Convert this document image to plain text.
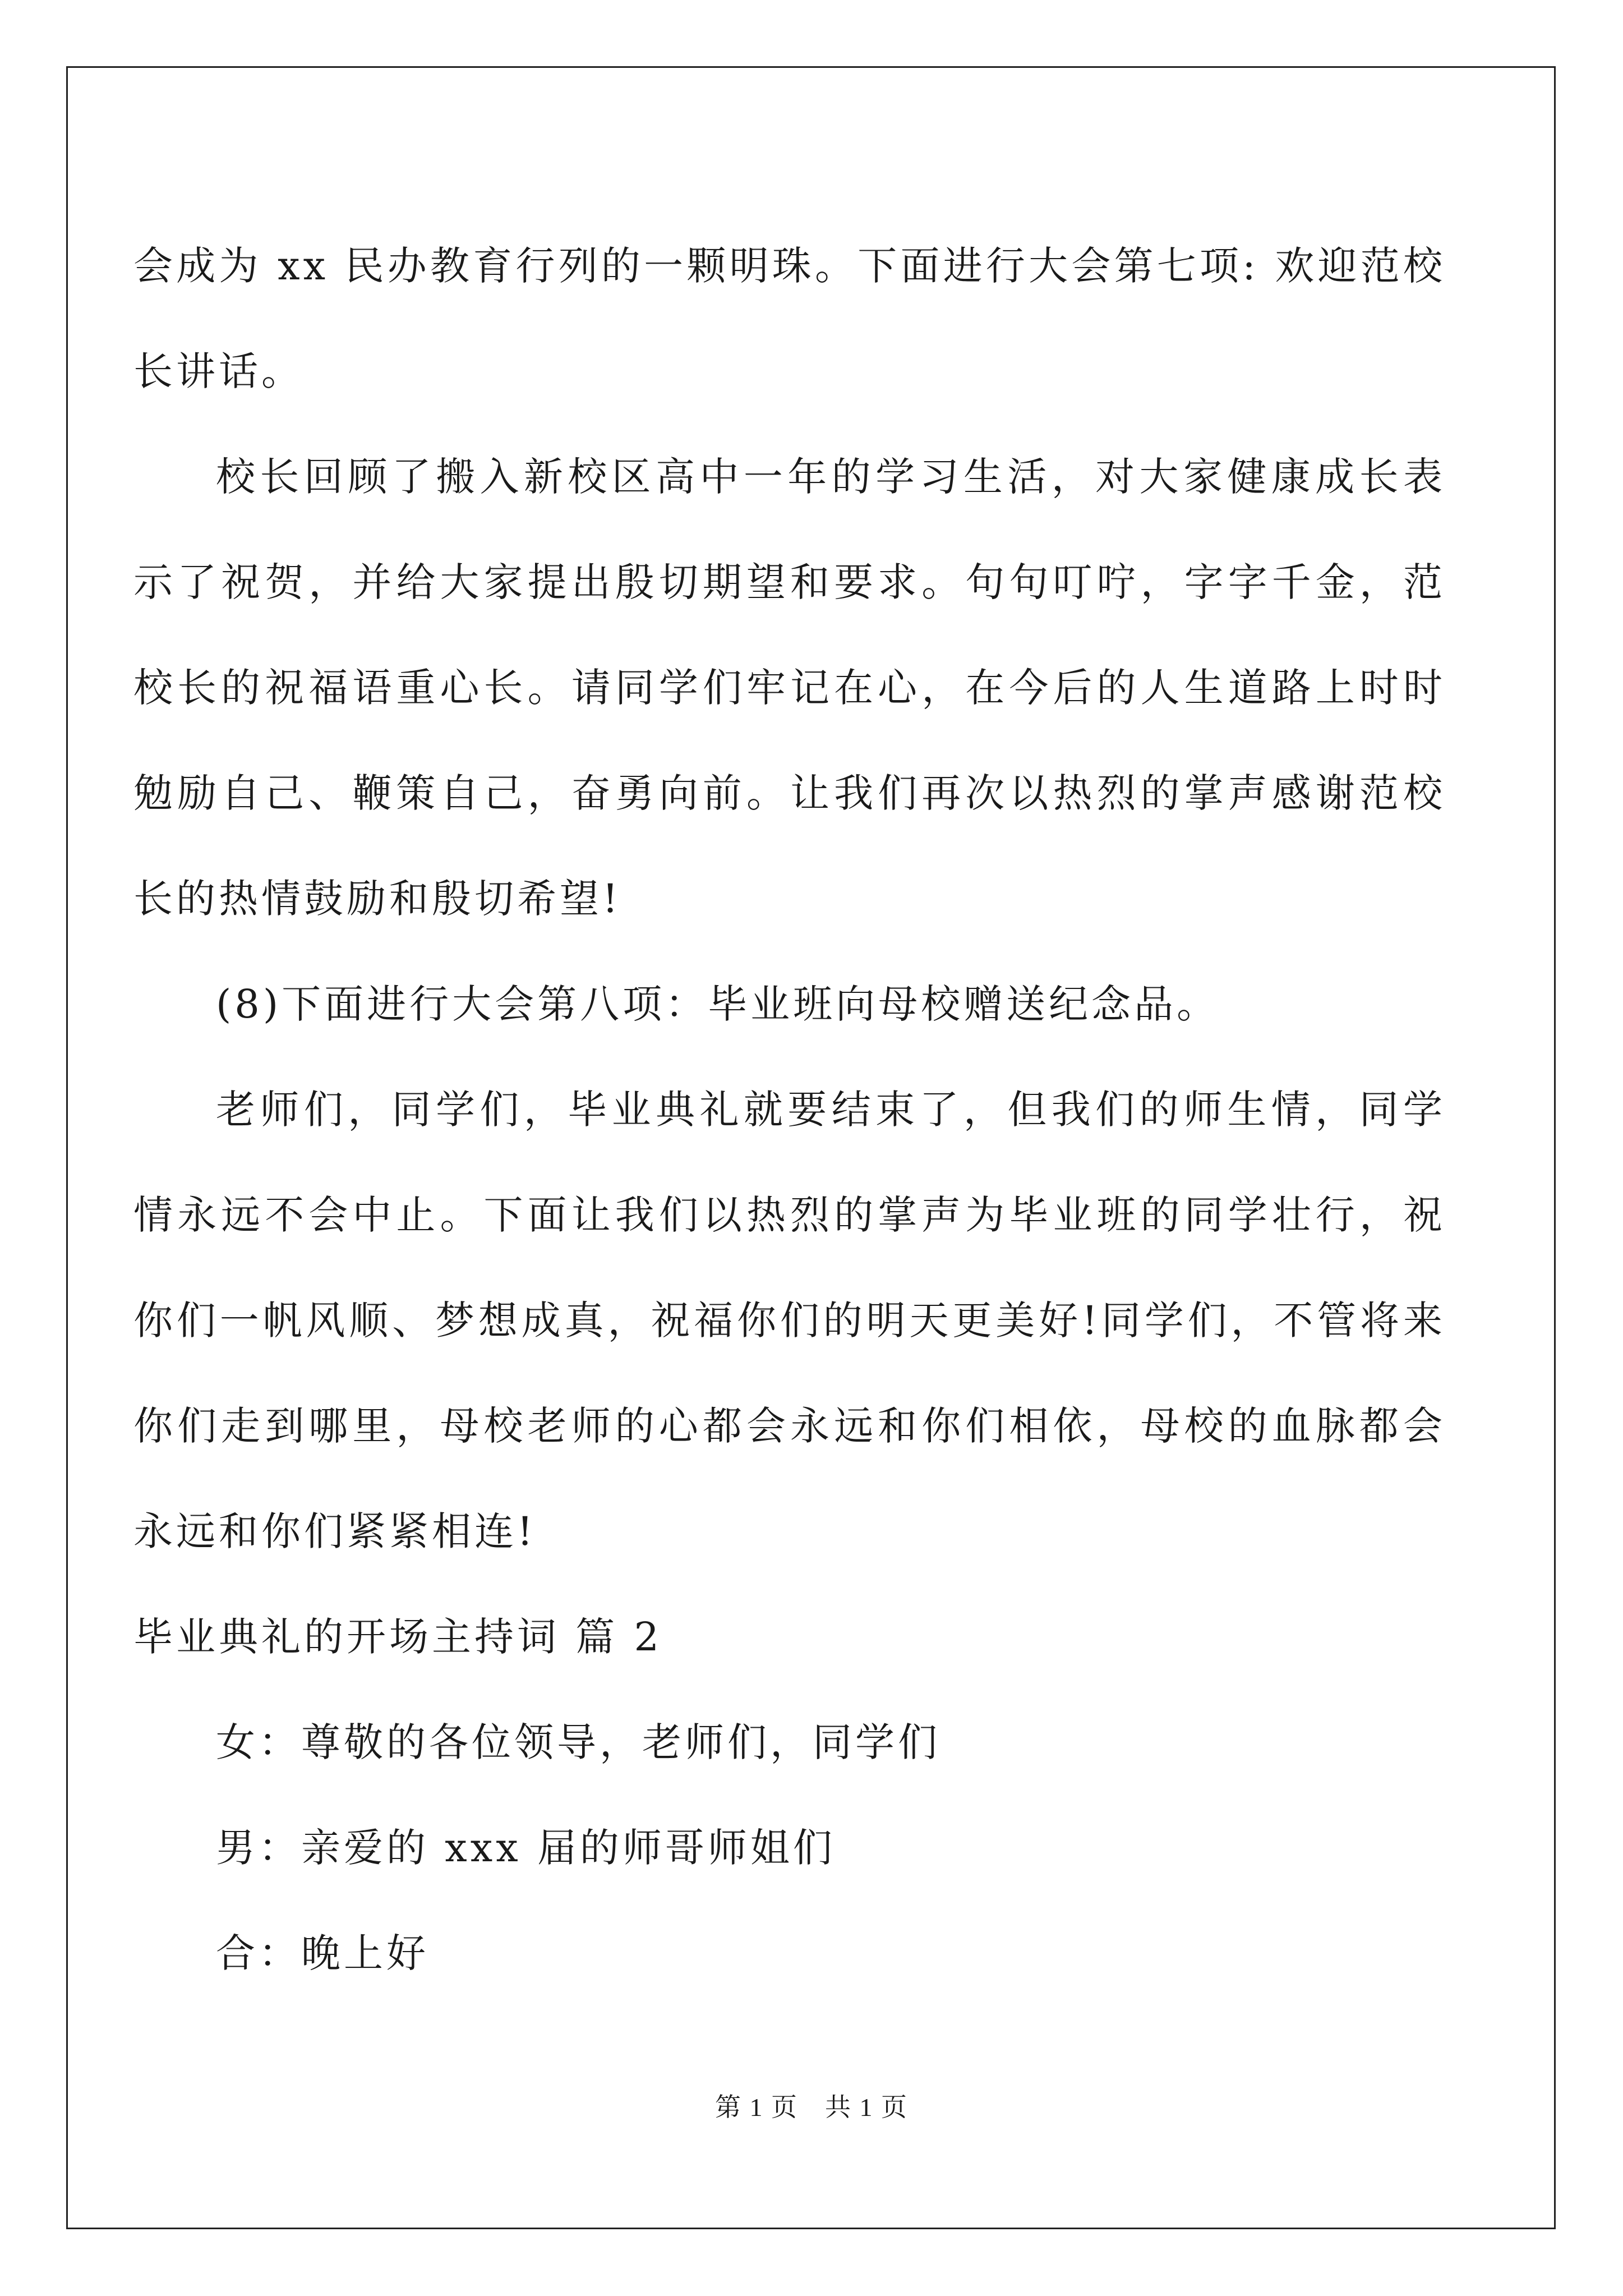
会成为 xx 民办教育行列的一颗明珠。下面进行大会第七项: 欢迎范校
长讲话。
校长回顾了搬入新校区高中一年的学习生活，对大家健康成长表
示了祝贺，并给大家提出殷切期望和要求。句句叮咛，字字千金，范
校长的祝福语重心长。请同学们牢记在心，在今后的人生道路上时时
勉励自己、鞭策自己，奋勇向前。让我们再次以热烈的掌声感谢范校
长的热情鼓励和殷切希望!
(8)下面进行大会第八项：毕业班向母校赠送纪念品。
老师们，同学们，毕业典礼就要结束了，但我们的师生情，同学
情永远不会中止。下面让我们以热烈的掌声为毕业班的同学壮行，祝
你们一帆风顺、梦想成真，祝福你们的明天更美好!同学们，不管将来
你们走到哪里，母校老师的心都会永远和你们相依，母校的血脉都会
永远和你们紧紧相连!
毕业典礼的开场主持词 篇 2
女：尊敬的各位领导，老师们，同学们
男：亲爱的 xxx 届的师哥师姐们
合：晚上好
第 1 页　共 1 页
